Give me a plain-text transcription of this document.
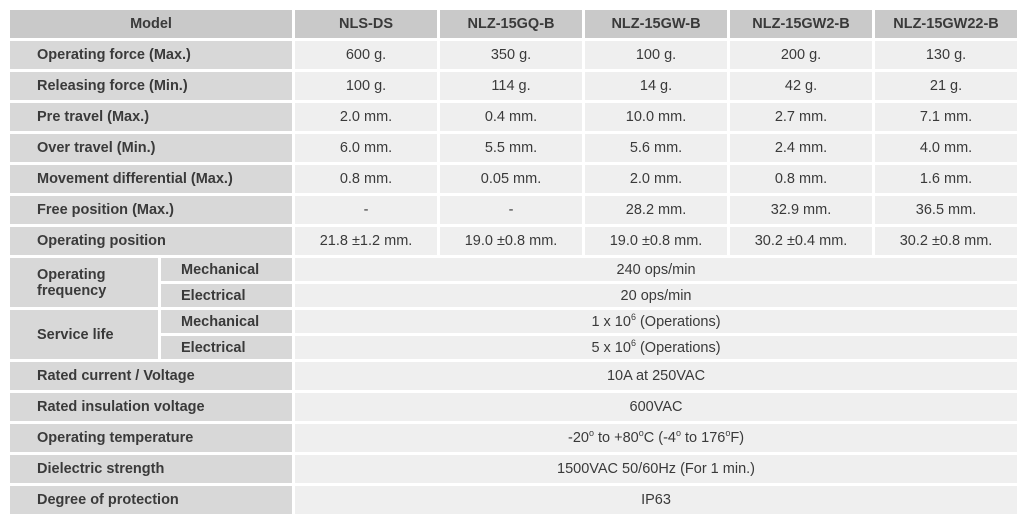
Model		NLS-DS	NLZ-15GQ-B	NLZ-15GW-B	NLZ-15GW2-B	NLZ-15GW22-B
Operating force (Max.)		600 g.	350 g.	100 g.	200 g.	130 g.
Releasing force (Min.)		100 g.	114 g.	14 g.	42 g.	21 g.
Pre travel (Max.)		2.0 mm.	0.4 mm.	10.0 mm.	2.7 mm.	7.1 mm.
Over travel (Min.)		6.0 mm.	5.5 mm.	5.6 mm.	2.4 mm.	4.0 mm.
Movement differential (Max.)		0.8 mm.	0.05 mm.	2.0 mm.	0.8 mm.	1.6 mm.
Free position (Max.)		-	-	28.2 mm.	32.9 mm.	36.5 mm.
Operating position		21.8 ±1.2 mm.	19.0 ±0.8 mm.	19.0 ±0.8 mm.	30.2 ±0.4 mm.	30.2 ±0.8 mm.
Operating frequency	Mechanical	240 ops/min				
	Electrical	20 ops/min				
Service life	Mechanical	1 x $10^6$ (Operations)				
	Electrical	5 x $10^6$ (Operations)				
Rated current / Voltage		10A at 250VAC				
Rated insulation voltage		600VAC				
Operating temperature		-20$^o$ to $+80^oC$ (-4$^o$ to 176$^o$F)				
Dielectric strength		1500VAC 50/60Hz (For 1 min.)				
Degree of protection		IP63				
